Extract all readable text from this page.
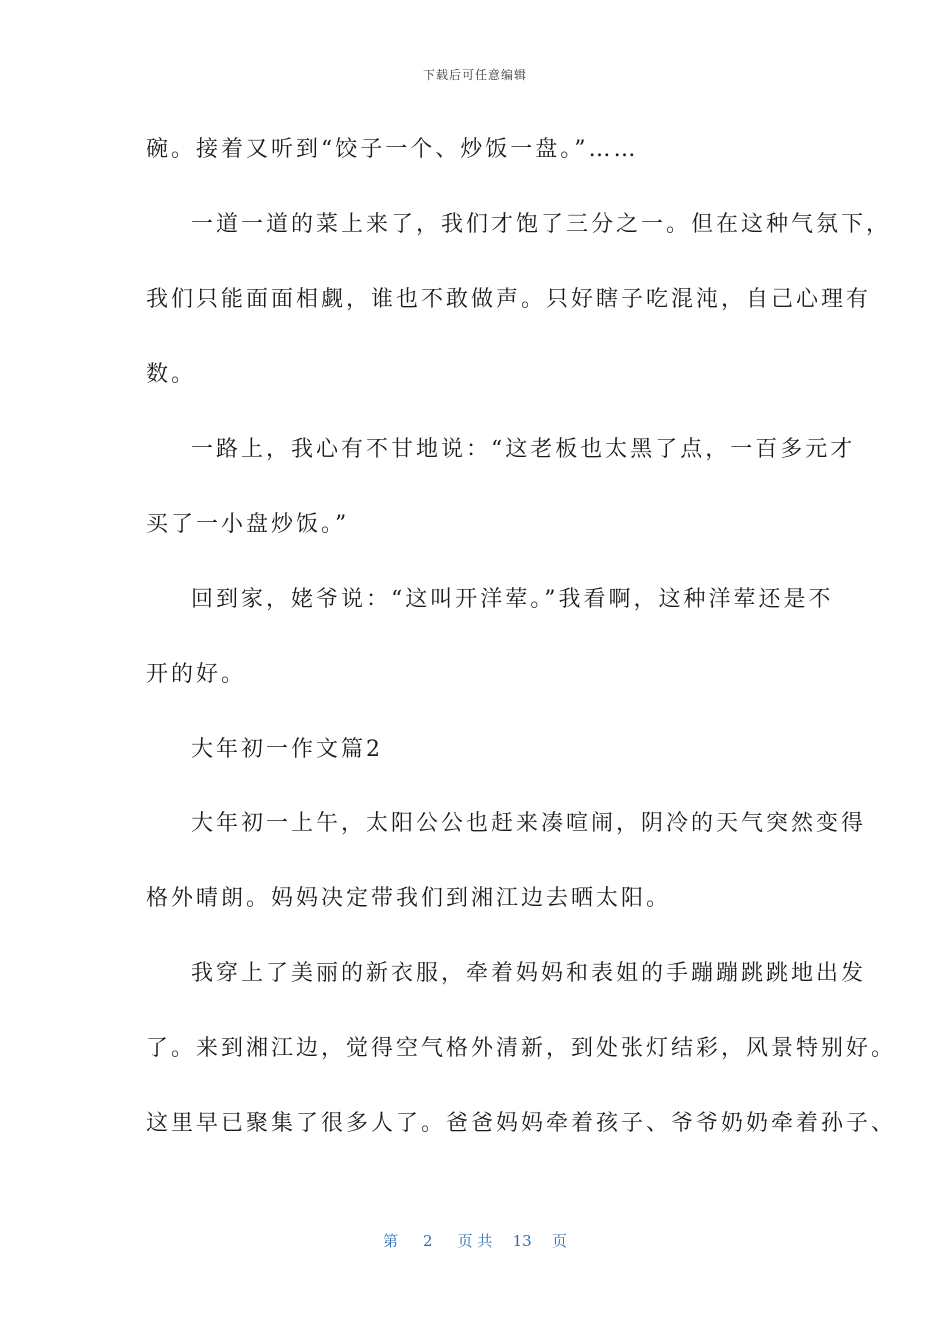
下载后可任意编辑
碗。接着又听到“饺子一个、炒饭一盘。”……
一道一道的菜上来了，我们才饱了三分之一。但在这种气氛下，
我们只能面面相觑，谁也不敢做声。只好瞎子吃混沌，自己心理有
数。
一路上，我心有不甘地说：“这老板也太黑了点，一百多元才
买了一小盘炒饭。”
回到家，姥爷说：“这叫开洋荤。”我看啊，这种洋荤还是不
开的好。
大年初一作文篇2
大年初一上午，太阳公公也赶来凑喧闹，阴冷的天气突然变得
格外晴朗。妈妈决定带我们到湘江边去晒太阳。
我穿上了美丽的新衣服，牵着妈妈和表姐的手蹦蹦跳跳地出发
了。来到湘江边，觉得空气格外清新，到处张灯结彩，风景特别好。
这里早已聚集了很多人了。爸爸妈妈牵着孩子、爷爷奶奶牵着孙子、
第 2 页 共 13 页
